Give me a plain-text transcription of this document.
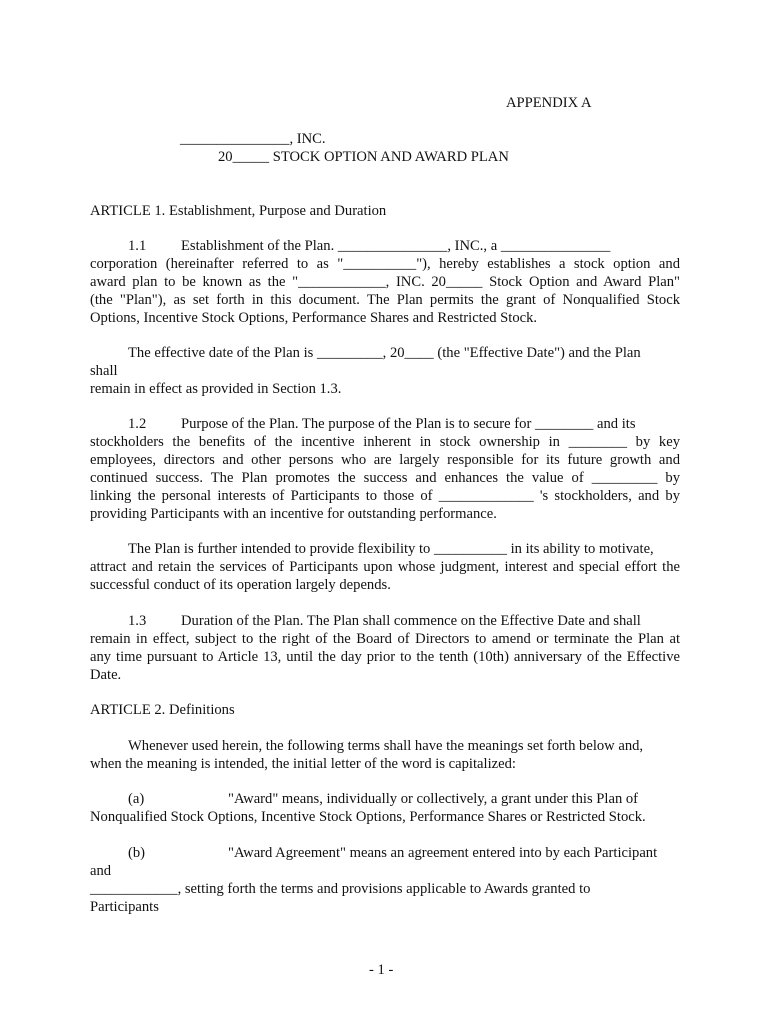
APPENDIX A
_______________, INC.
20_____ STOCK OPTION AND AWARD PLAN
ARTICLE 1. Establishment, Purpose and Duration
1.1 Establishment of the Plan. _______________, INC., a _______________
corporation (hereinafter referred to as "__________"), hereby establishes a stock option and
award plan to be known as the "____________, INC. 20_____ Stock Option and Award Plan"
(the "Plan"), as set forth in this document. The Plan permits the grant of Nonqualified Stock
Options, Incentive Stock Options, Performance Shares and Restricted Stock.
The effective date of the Plan is _________, 20____ (the "Effective Date") and the Plan
shall
remain in effect as provided in Section 1.3.
1.2 Purpose of the Plan. The purpose of the Plan is to secure for ________ and its
stockholders the benefits of the incentive inherent in stock ownership in ________ by key
employees, directors and other persons who are largely responsible for its future growth and
continued success. The Plan promotes the success and enhances the value of _________ by
linking the personal interests of Participants to those of _____________ 's stockholders, and by
providing Participants with an incentive for outstanding performance.
The Plan is further intended to provide flexibility to __________ in its ability to motivate,
attract and retain the services of Participants upon whose judgment, interest and special effort the
successful conduct of its operation largely depends.
1.3 Duration of the Plan. The Plan shall commence on the Effective Date and shall
remain in effect, subject to the right of the Board of Directors to amend or terminate the Plan at
any time pursuant to Article 13, until the day prior to the tenth (10th) anniversary of the Effective
Date.
ARTICLE 2. Definitions
Whenever used herein, the following terms shall have the meanings set forth below and,
when the meaning is intended, the initial letter of the word is capitalized:
(a)	"Award" means, individually or collectively, a grant under this Plan of
Nonqualified Stock Options, Incentive Stock Options, Performance Shares or Restricted Stock.
(b)	"Award Agreement" means an agreement entered into by each Participant
and
____________, setting forth the terms and provisions applicable to Awards granted to
Participants
- 1 -
